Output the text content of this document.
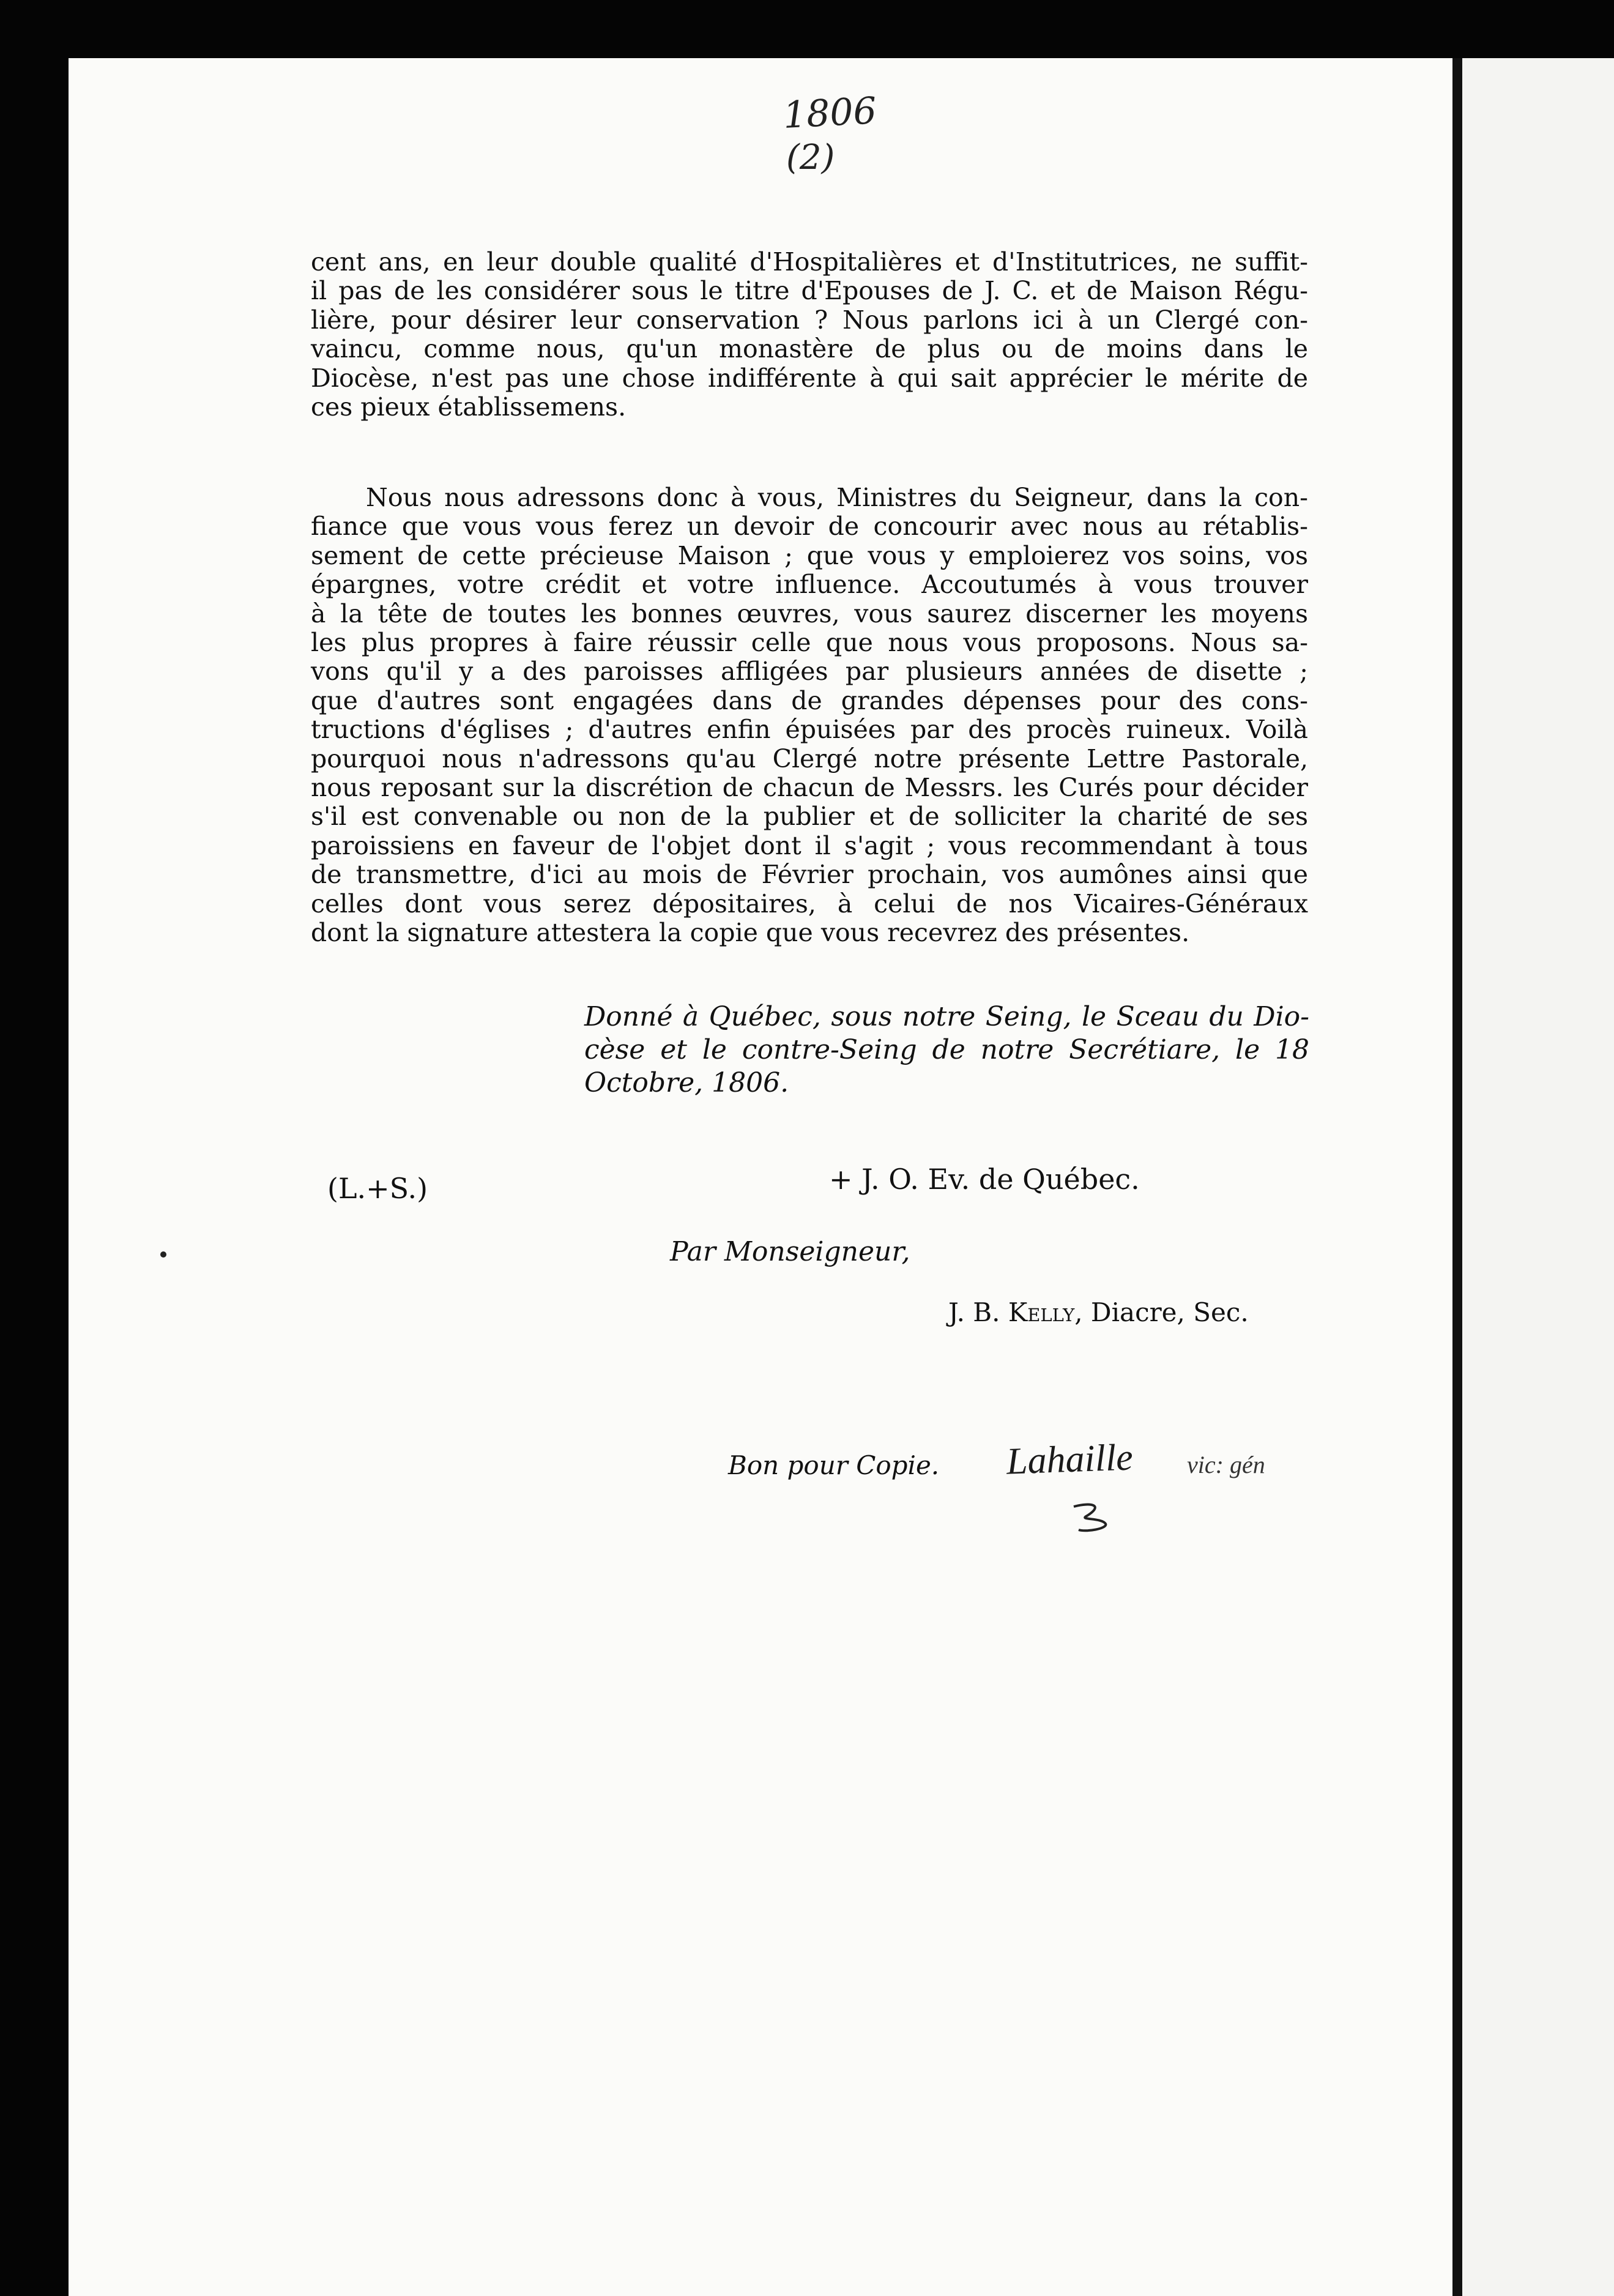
1806
(2)
cent ans, en leur double qualité d'Hospitalières et d'Institutrices, ne suffit-
il pas de les considérer sous le titre d'Epouses de J. C. et de Maison Régu-
lière, pour désirer leur conservation ? Nous parlons ici à un Clergé con-
vaincu, comme nous, qu'un monastère de plus ou de moins dans le
Diocèse, n'est pas une chose indifférente à qui sait apprécier le mérite de
ces pieux établissemens.
Nous nous adressons donc à vous, Ministres du Seigneur, dans la con-
fiance que vous vous ferez un devoir de concourir avec nous au rétablis-
sement de cette précieuse Maison ; que vous y emploierez vos soins, vos
épargnes, votre crédit et votre influence. Accoutumés à vous trouver
à la tête de toutes les bonnes œuvres, vous saurez discerner les moyens
les plus propres à faire réussir celle que nous vous proposons. Nous sa-
vons qu'il y a des paroisses affligées par plusieurs années de disette ;
que d'autres sont engagées dans de grandes dépenses pour des cons-
tructions d'églises ; d'autres enfin épuisées par des procès ruineux. Voilà
pourquoi nous n'adressons qu'au Clergé notre présente Lettre Pastorale,
nous reposant sur la discrétion de chacun de Messrs. les Curés pour décider
s'il est convenable ou non de la publier et de solliciter la charité de ses
paroissiens en faveur de l'objet dont il s'agit ; vous recommendant à tous
de transmettre, d'ici au mois de Février prochain, vos aumônes ainsi que
celles dont vous serez dépositaires, à celui de nos Vicaires-Généraux
dont la signature attestera la copie que vous recevrez des présentes.
Donné à Québec, sous notre Seing, le Sceau du Dio-
cèse et le contre-Seing de notre Secrétiare, le 18
Octobre, 1806.
(L.+S.)	+ J. O. Ev. de Québec.
Par Monseigneur,
J. B. Kelly, Diacre, Sec.
Bon pour Copie. Lahaille vic: gén
